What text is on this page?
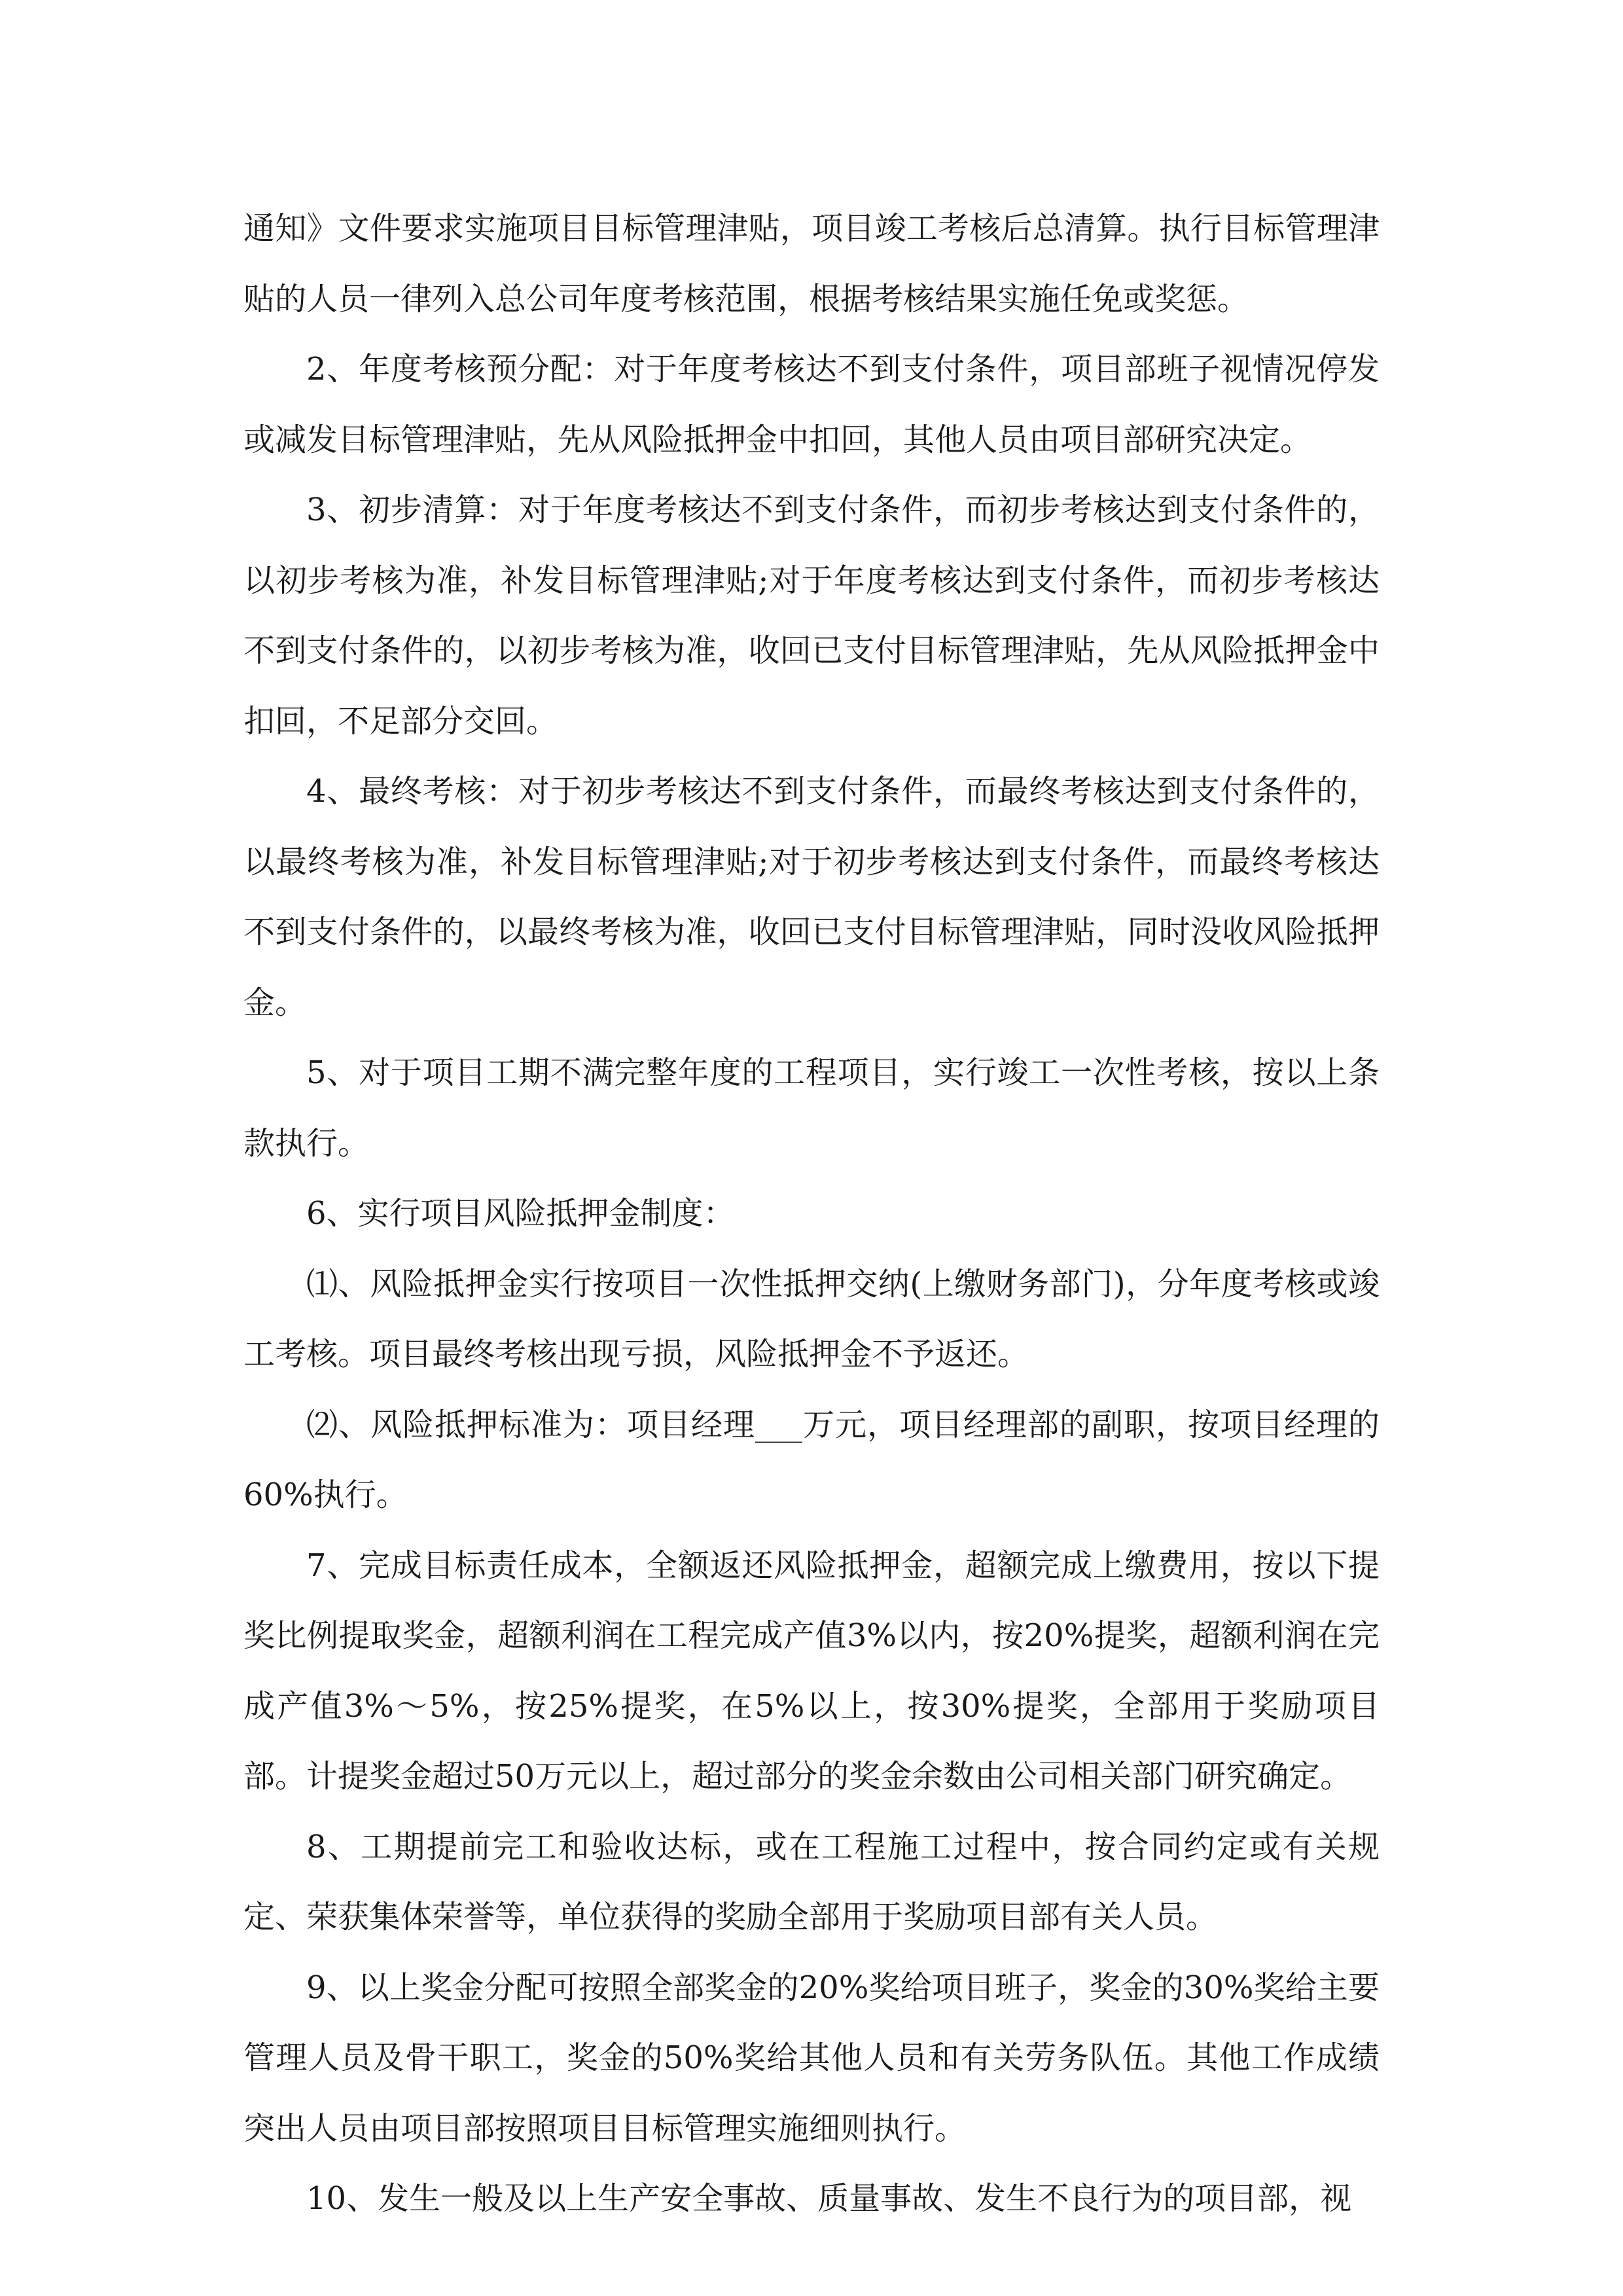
通知》文件要求实施项目目标管理津贴，项目竣工考核后总清算。执行目标管理津贴的人员一律列入总公司年度考核范围，根据考核结果实施任免或奖惩。

2、年度考核预分配：对于年度考核达不到支付条件，项目部班子视情况停发或减发目标管理津贴，先从风险抵押金中扣回，其他人员由项目部研究决定。

3、初步清算：对于年度考核达不到支付条件，而初步考核达到支付条件的，以初步考核为准，补发目标管理津贴;对于年度考核达到支付条件，而初步考核达不到支付条件的，以初步考核为准，收回已支付目标管理津贴，先从风险抵押金中扣回，不足部分交回。

4、最终考核：对于初步考核达不到支付条件，而最终考核达到支付条件的，以最终考核为准，补发目标管理津贴;对于初步考核达到支付条件，而最终考核达不到支付条件的，以最终考核为准，收回已支付目标管理津贴，同时没收风险抵押金。

5、对于项目工期不满完整年度的工程项目，实行竣工一次性考核，按以上条款执行。

6、实行项目风险抵押金制度：

⑴、风险抵押金实行按项目一次性抵押交纳(上缴财务部门)，分年度考核或竣工考核。项目最终考核出现亏损，风险抵押金不予返还。

⑵、风险抵押标准为：项目经理___万元，项目经理部的副职，按项目经理的60%执行。

7、完成目标责任成本，全额返还风险抵押金，超额完成上缴费用，按以下提奖比例提取奖金，超额利润在工程完成产值3%以内，按20%提奖，超额利润在完成产值3%～5%，按25%提奖，在5%以上，按30%提奖，全部用于奖励项目部。计提奖金超过50万元以上，超过部分的奖金余数由公司相关部门研究确定。

8、工期提前完工和验收达标，或在工程施工过程中，按合同约定或有关规定、荣获集体荣誉等，单位获得的奖励全部用于奖励项目部有关人员。

9、以上奖金分配可按照全部奖金的20%奖给项目班子，奖金的30%奖给主要管理人员及骨干职工，奖金的50%奖给其他人员和有关劳务队伍。其他工作成绩突出人员由项目部按照项目目标管理实施细则执行。

10、发生一般及以上生产安全事故、质量事故、发生不良行为的项目部，视
